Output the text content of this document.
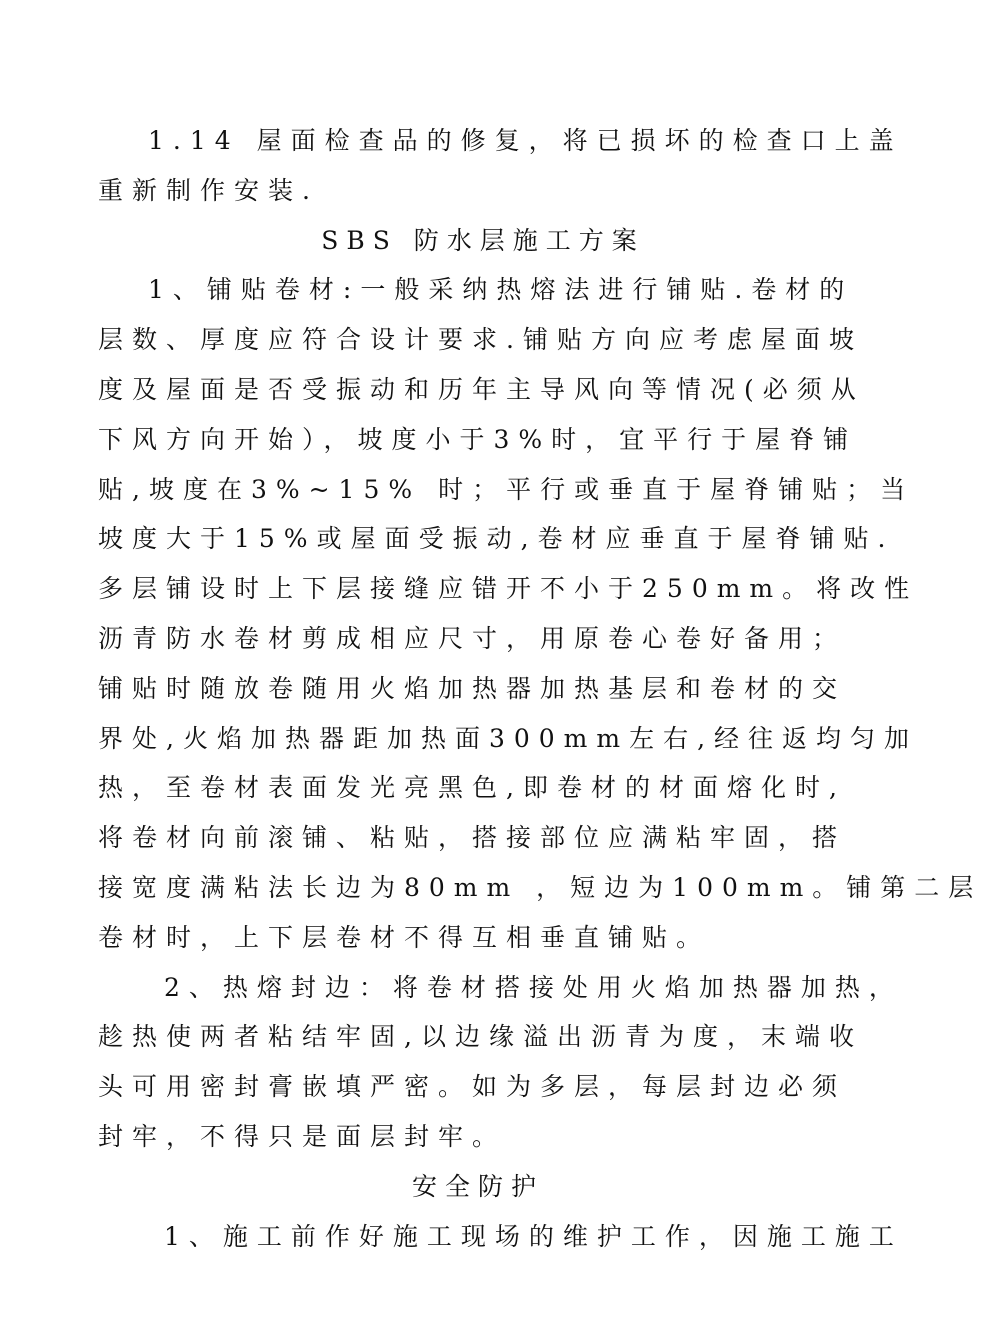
1.14 屋面检查品的修复，将已损坏的检查口上盖
重新制作安装.
SBS 防水层施工方案
1、铺贴卷材:一般采纳热熔法进行铺贴.卷材的
层数、厚度应符合设计要求.铺贴方向应考虑屋面坡
度及屋面是否受振动和历年主导风向等情况(必须从
下风方向开始），坡度小于3%时，宜平行于屋脊铺
贴,坡度在3%~15% 时；平行或垂直于屋脊铺贴；当
坡度大于15%或屋面受振动,卷材应垂直于屋脊铺贴.
多层铺设时上下层接缝应错开不小于250mm。将改性
沥青防水卷材剪成相应尺寸，用原卷心卷好备用；
铺贴时随放卷随用火焰加热器加热基层和卷材的交
界处,火焰加热器距加热面300mm左右,经往返均匀加
热，至卷材表面发光亮黑色,即卷材的材面熔化时,
将卷材向前滚铺、粘贴，搭接部位应满粘牢固，搭
接宽度满粘法长边为80mm ，短边为100mm。铺第二层
卷材时，上下层卷材不得互相垂直铺贴。
2、热熔封边：将卷材搭接处用火焰加热器加热，
趁热使两者粘结牢固,以边缘溢出沥青为度，末端收
头可用密封膏嵌填严密。如为多层，每层封边必须
封牢，不得只是面层封牢。
安全防护
1、施工前作好施工现场的维护工作，因施工施工
